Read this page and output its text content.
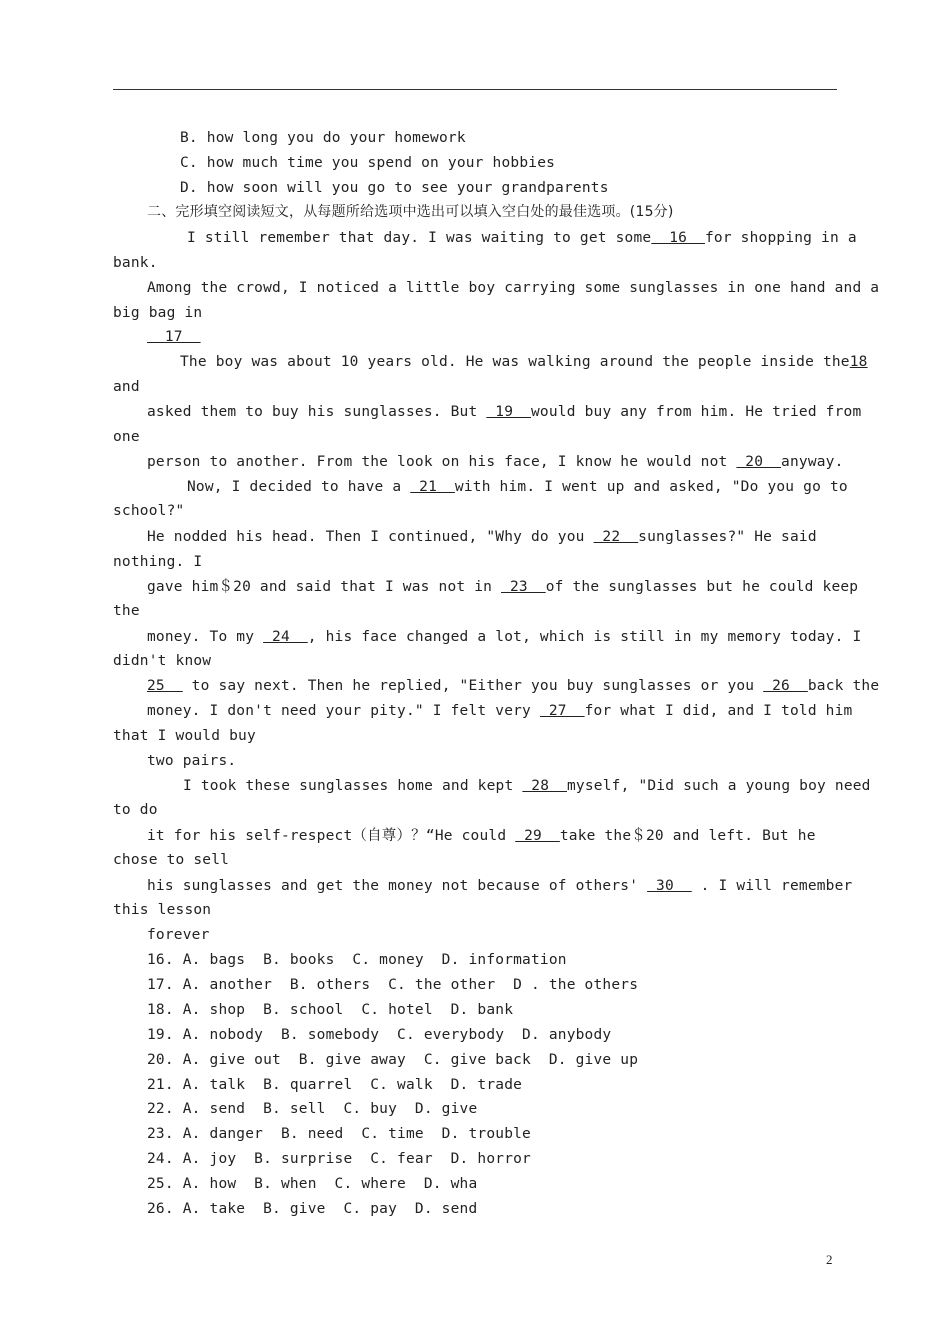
B. how long you do your homework
C. how much time you spend on your hobbies
D. how soon will you go to see your grandparents
二、完形填空阅读短文，从每题所给选项中选出可以填入空白处的最佳选项。(15分)
I still remember that day. I was waiting to get some  16  for shopping in a
bank.
Among the crowd, I noticed a little boy carrying some sunglasses in one hand and a
big bag in
17
The boy was about 10 years old. He was walking around the people inside the18
and
asked them to buy his sunglasses. But  19  would buy any from him. He tried from
one
person to another. From the look on his face, I know he would not  20  anyway.
Now, I decided to have a  21  with him. I went up and asked, "Do you go to
school?"
He nodded his head. Then I continued, "Why do you  22  sunglasses?" He said
nothing. I
gave him＄20 and said that I was not in  23  of the sunglasses but he could keep
the
money. To my  24  , his face changed a lot, which is still in my memory today. I
didn't know
25   to say next. Then he replied, "Either you buy sunglasses or you  26  back the
money. I don't need your pity." I felt very  27  for what I did, and I told him
that I would buy
two pairs.
I took these sunglasses home and kept  28  myself, "Did such a young boy need
to do
it for his self-respect（自尊）？“He could  29  take the＄20 and left. But he
chose to sell
his sunglasses and get the money not because of others'  30   . I will remember
this lesson
forever
16. A. bags  B. books  C. money  D. information
17. A. another  B. others  C. the other  D . the others
18. A. shop  B. school  C. hotel  D. bank
19. A. nobody  B. somebody  C. everybody  D. anybody
20. A. give out  B. give away  C. give back  D. give up
21. A. talk  B. quarrel  C. walk  D. trade
22. A. send  B. sell  C. buy  D. give
23. A. danger  B. need  C. time  D. trouble
24. A. joy  B. surprise  C. fear  D. horror
25. A. how  B. when  C. where  D. wha
26. A. take  B. give  C. pay  D. send
2
